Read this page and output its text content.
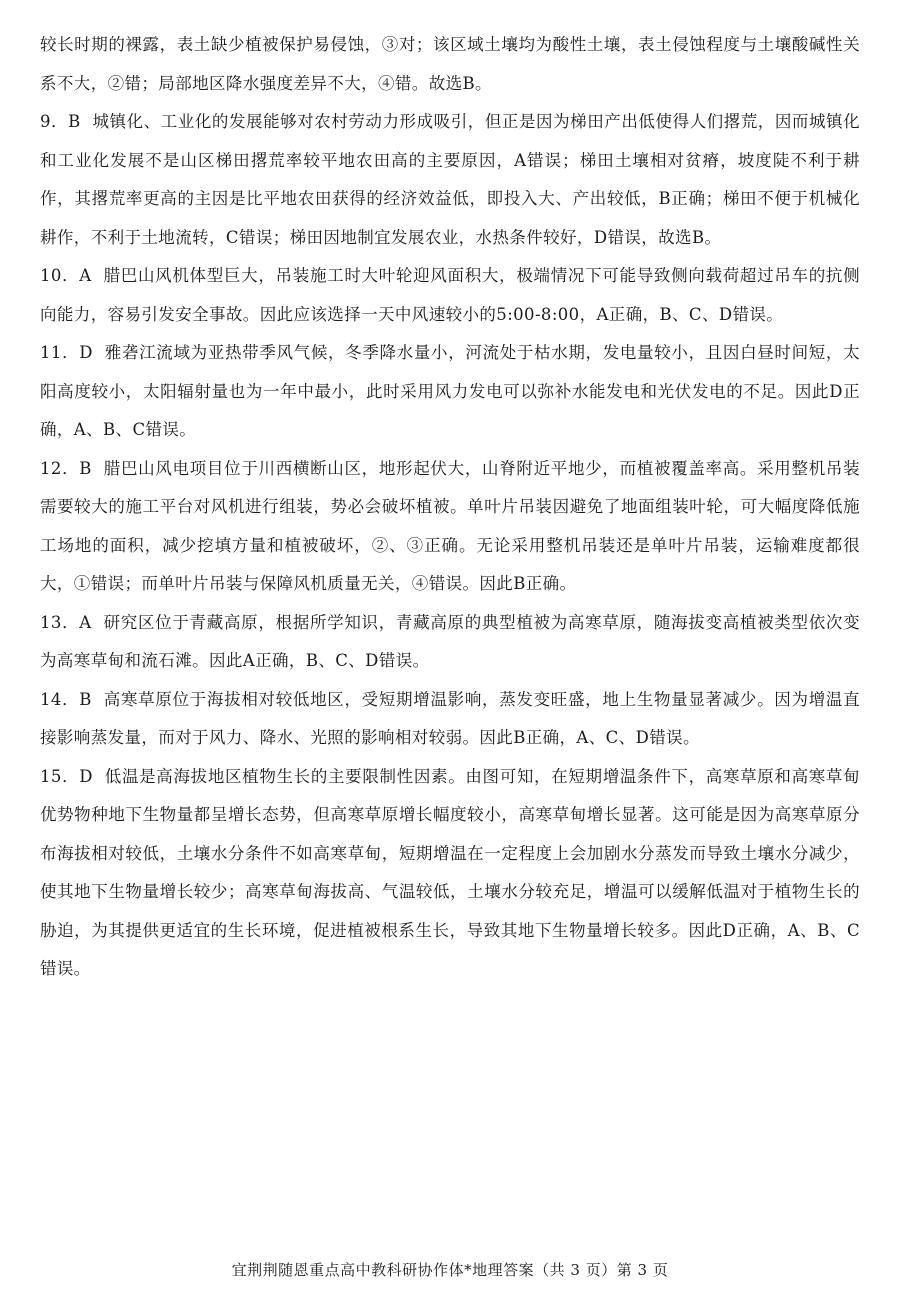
较长时期的裸露，表土缺少植被保护易侵蚀，③对；该区域土壤均为酸性土壤，表土侵蚀程度与土壤酸碱性关系不大，②错；局部地区降水强度差异不大，④错。故选B。

9．B 城镇化、工业化的发展能够对农村劳动力形成吸引，但正是因为梯田产出低使得人们撂荒，因而城镇化和工业化发展不是山区梯田撂荒率较平地农田高的主要原因，A错误；梯田土壤相对贫瘠，坡度陡不利于耕作，其撂荒率更高的主因是比平地农田获得的经济效益低，即投入大、产出较低，B正确；梯田不便于机械化耕作，不利于土地流转，C错误；梯田因地制宜发展农业，水热条件较好，D错误，故选B。

10．A 腊巴山风机体型巨大，吊装施工时大叶轮迎风面积大，极端情况下可能导致侧向载荷超过吊车的抗侧向能力，容易引发安全事故。因此应该选择一天中风速较小的5:00-8:00，A正确，B、C、D错误。

11．D 雅砻江流域为亚热带季风气候，冬季降水量小，河流处于枯水期，发电量较小，且因白昼时间短，太阳高度较小，太阳辐射量也为一年中最小，此时采用风力发电可以弥补水能发电和光伏发电的不足。因此D正确，A、B、C错误。

12．B 腊巴山风电项目位于川西横断山区，地形起伏大，山脊附近平地少，而植被覆盖率高。采用整机吊装需要较大的施工平台对风机进行组装，势必会破坏植被。单叶片吊装因避免了地面组装叶轮，可大幅度降低施工场地的面积，减少挖填方量和植被破坏，②、③正确。无论采用整机吊装还是单叶片吊装，运输难度都很大，①错误；而单叶片吊装与保障风机质量无关，④错误。因此B正确。

13．A 研究区位于青藏高原，根据所学知识，青藏高原的典型植被为高寒草原，随海拔变高植被类型依次变为高寒草甸和流石滩。因此A正确，B、C、D错误。

14．B 高寒草原位于海拔相对较低地区，受短期增温影响，蒸发变旺盛，地上生物量显著减少。因为增温直接影响蒸发量，而对于风力、降水、光照的影响相对较弱。因此B正确，A、C、D错误。

15．D 低温是高海拔地区植物生长的主要限制性因素。由图可知，在短期增温条件下，高寒草原和高寒草甸优势物种地下生物量都呈增长态势，但高寒草原增长幅度较小，高寒草甸增长显著。这可能是因为高寒草原分布海拔相对较低，土壤水分条件不如高寒草甸，短期增温在一定程度上会加剧水分蒸发而导致土壤水分减少，使其地下生物量增长较少；高寒草甸海拔高、气温较低，土壤水分较充足，增温可以缓解低温对于植物生长的胁迫，为其提供更适宜的生长环境，促进植被根系生长，导致其地下生物量增长较多。因此D正确，A、B、C错误。

宜荆荆随恩重点高中教科研协作体*地理答案（共 3 页）第 3 页
